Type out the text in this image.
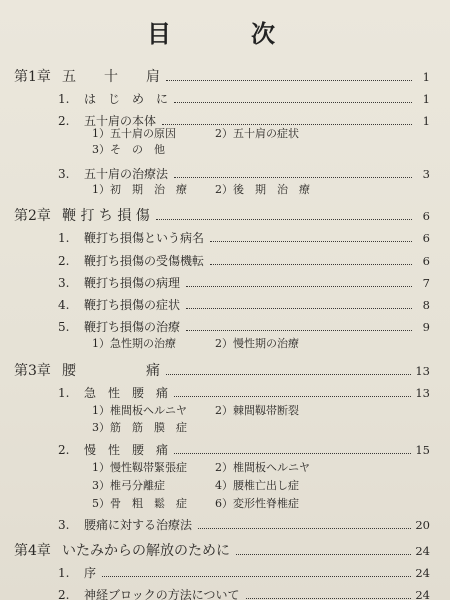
目　次
第1章 五　　十　　肩	1
1.	は　じ　め　に	1
2.	五十肩の本体	1
1）五十肩の原因	2）五十肩の症状
3）そ　の　他
3.	五十肩の治療法	3
1）初　期　治　療	2）後　期　治　療
第2章 鞭 打 ち 損 傷	6
1.	鞭打ち損傷という病名	6
2.	鞭打ち損傷の受傷機転	6
3.	鞭打ち損傷の病理	7
4.	鞭打ち損傷の症状	8
5.	鞭打ち損傷の治療	9
1）急性期の治療	2）慢性期の治療
第3章 腰　　　　　痛	13
1.	急　性　腰　痛	13
1）椎間板ヘルニヤ	2）棘間靱帯断裂
3）筋　筋　膜　症
2.	慢　性　腰　痛	15
1）慢性靱帯緊張症	2）椎間板ヘルニヤ
3）椎弓分離症	4）腰椎亡出し症
5）骨　粗　鬆　症	6）変形性脊椎症
3.	腰痛に対する治療法	20
第4章 いたみからの解放のために	24
1.	序	24
2.	神経ブロックの方法について	24
